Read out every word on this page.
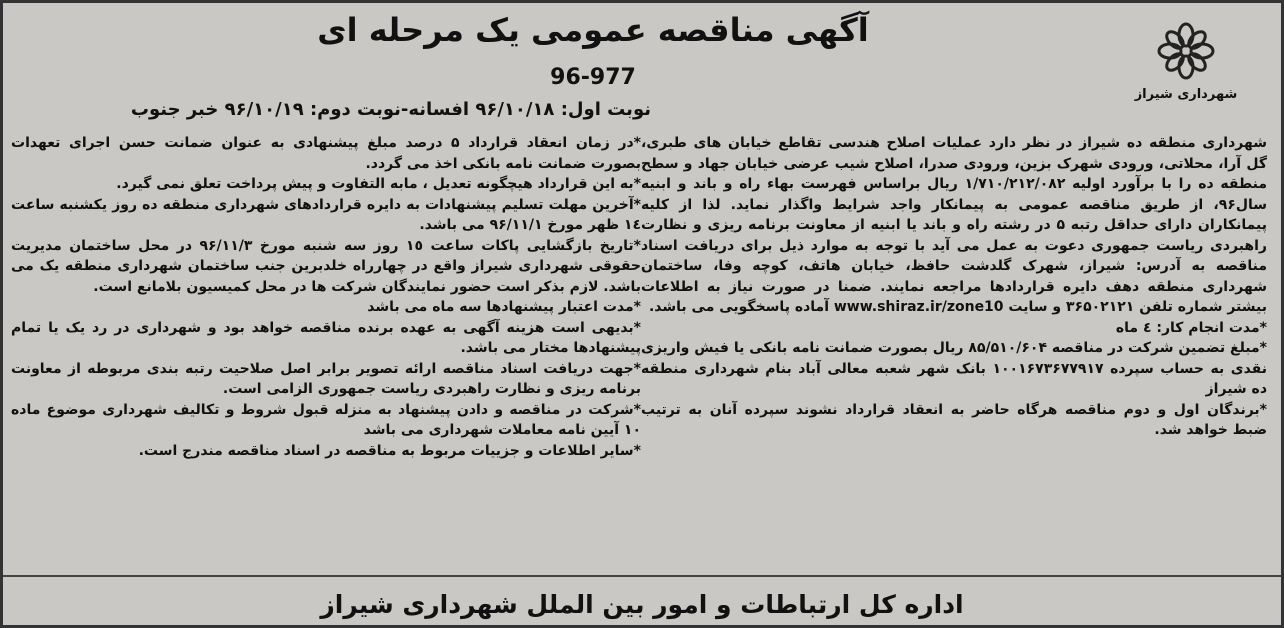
شهرداری شیراز
آگهی مناقصه عمومی یک مرحله ای
96-977
نوبت اول: ۹۶/۱۰/۱۸ افسانه-نوبت دوم: ۹۶/۱۰/۱۹ خبر جنوب

شهرداری منطقه ده شیراز در نظر دارد عملیات اصلاح هندسی تقاطع خیابان های طبری، گل آرا، محلاتی، ورودی شهرک بزین، ورودی صدرا، اصلاح شیب عرضی خیابان جهاد و سطح منطقه ده را با برآورد اولیه ۱/۷۱۰/۲۱۲/۰۸۲ ریال براساس فهرست بهاء راه و باند و ابنیه سال۹۶، از طریق مناقصه عمومی به پیمانکار واجد شرایط واگذار نماید. لذا از کلیه پیمانکاران دارای حداقل رتبه ۵ در رشته راه و باند یا ابنیه از معاونت برنامه ریزی و نظارت راهبردی ریاست جمهوری دعوت به عمل می آید با توجه به موارد ذیل برای دریافت اسناد مناقصه به آدرس: شیراز، شهرک گلدشت حافظ، خیابان هاتف، کوچه وفا، ساختمان شهرداری منطقه دهف دایره قراردادها مراجعه نمایند. ضمنا در صورت نیاز به اطلاعات بیشتر شماره تلفن ۳۶۵۰۲۱۲۱ و سایت www.shiraz.ir/zone10 آماده پاسخگویی می باشد.

*مدت انجام کار: ٤ ماه

*مبلغ تضمین شرکت در مناقصه ۸۵/۵۱۰/۶۰۴ ریال بصورت ضمانت نامه بانکی یا فیش واریزی نقدی به حساب سپرده ۱۰۰۱۶۷۳۶۷۷۹۱۷ بانک شهر شعبه معالی آباد بنام شهرداری منطقه ده شیراز

*برندگان اول و دوم مناقصه هرگاه حاضر به انعقاد قرارداد نشوند سپرده آنان به ترتیب ضبط خواهد شد.

*در زمان انعقاد قرارداد ۵ درصد مبلغ پیشنهادی به عنوان ضمانت حسن اجرای تعهدات بصورت ضمانت نامه بانکی اخذ می گردد.

*به این قرارداد هیچگونه تعدیل ، مابه التفاوت و پیش پرداخت تعلق نمی گیرد.

*آخرین مهلت تسلیم پیشنهادات به دایره قراردادهای شهرداری منطقه ده روز یکشنبه ساعت ١٤ ظهر مورخ ۹۶/۱۱/۱ می باشد.

*تاریخ بازگشایی پاکات ساعت ١٥ روز سه شنبه مورخ ۹۶/۱۱/۳ در محل ساختمان مدیریت حقوقی شهرداری شیراز واقع در چهارراه خلدبرین جنب ساختمان شهرداری منطقه یک می باشد. لازم بذکر است حضور نمایندگان شرکت ها در محل کمیسیون بلامانع است.

*مدت اعتبار پیشنهادها سه ماه می باشد

*بدیهی است هزینه آگهی به عهده برنده مناقصه خواهد بود و شهرداری در رد یک یا تمام پیشنهادها مختار می باشد.

*جهت دریافت اسناد مناقصه ارائه تصویر برابر اصل صلاحیت رتبه بندی مربوطه از معاونت برنامه ریزی و نظارت راهبردی ریاست جمهوری الزامی است.

*شرکت در مناقصه و دادن پیشنهاد به منزله قبول شروط و تکالیف شهرداری موضوع ماده ۱۰ آیین نامه معاملات شهرداری می باشد

*سایر اطلاعات و جزییات مربوط به مناقصه در اسناد مناقصه مندرج است.

اداره کل ارتباطات و امور بین الملل شهرداری شیراز
